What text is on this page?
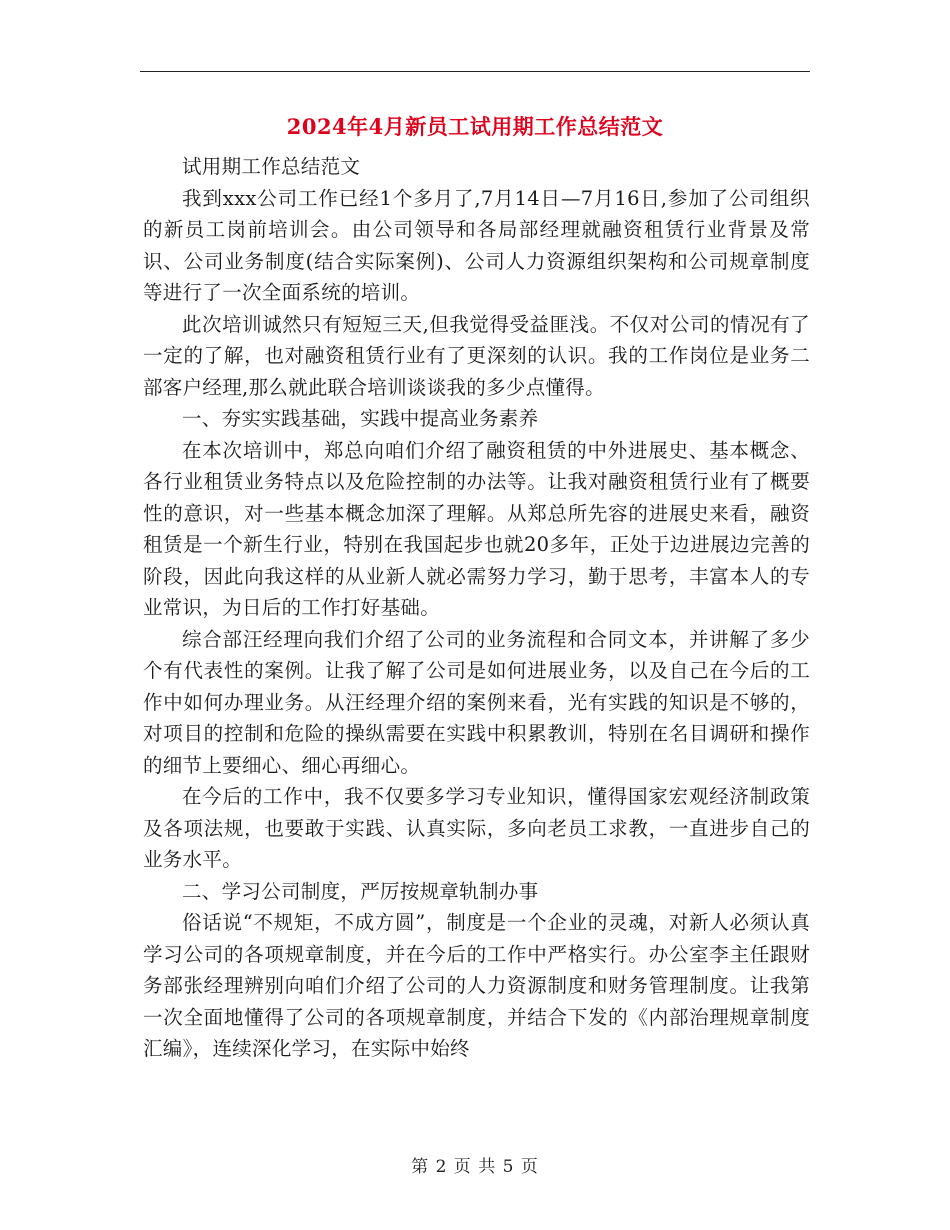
2024年4月新员工试用期工作总结范文

试用期工作总结范文

我到xxx公司工作已经1个多月了,7月14日—7月16日,参加了公司组织的新员工岗前培训会。由公司领导和各局部经理就融资租赁行业背景及常识、公司业务制度(结合实际案例)、公司人力资源组织架构和公司规章制度等进行了一次全面系统的培训。

此次培训诚然只有短短三天,但我觉得受益匪浅。不仅对公司的情况有了一定的了解，也对融资租赁行业有了更深刻的认识。我的工作岗位是业务二部客户经理,那么就此联合培训谈谈我的多少点懂得。

一、夯实实践基础，实践中提高业务素养

在本次培训中，郑总向咱们介绍了融资租赁的中外进展史、基本概念、各行业租赁业务特点以及危险控制的办法等。让我对融资租赁行业有了概要性的意识，对一些基本概念加深了理解。从郑总所先容的进展史来看，融资租赁是一个新生行业，特别在我国起步也就20多年，正处于边进展边完善的阶段，因此向我这样的从业新人就必需努力学习，勤于思考，丰富本人的专业常识，为日后的工作打好基础。

综合部汪经理向我们介绍了公司的业务流程和合同文本，并讲解了多少个有代表性的案例。让我了解了公司是如何进展业务，以及自己在今后的工作中如何办理业务。从汪经理介绍的案例来看，光有实践的知识是不够的，对项目的控制和危险的操纵需要在实践中积累教训，特别在名目调研和操作的细节上要细心、细心再细心。

在今后的工作中，我不仅要多学习专业知识，懂得国家宏观经济制政策及各项法规，也要敢于实践、认真实际，多向老员工求教，一直进步自己的业务水平。

二、学习公司制度，严厉按规章轨制办事

俗话说“不规矩，不成方圆”，制度是一个企业的灵魂，对新人必须认真学习公司的各项规章制度，并在今后的工作中严格实行。办公室李主任跟财务部张经理辨别向咱们介绍了公司的人力资源制度和财务管理制度。让我第一次全面地懂得了公司的各项规章制度，并结合下发的《内部治理规章制度汇编》，连续深化学习，在实际中始终

第 2 页 共 5 页
